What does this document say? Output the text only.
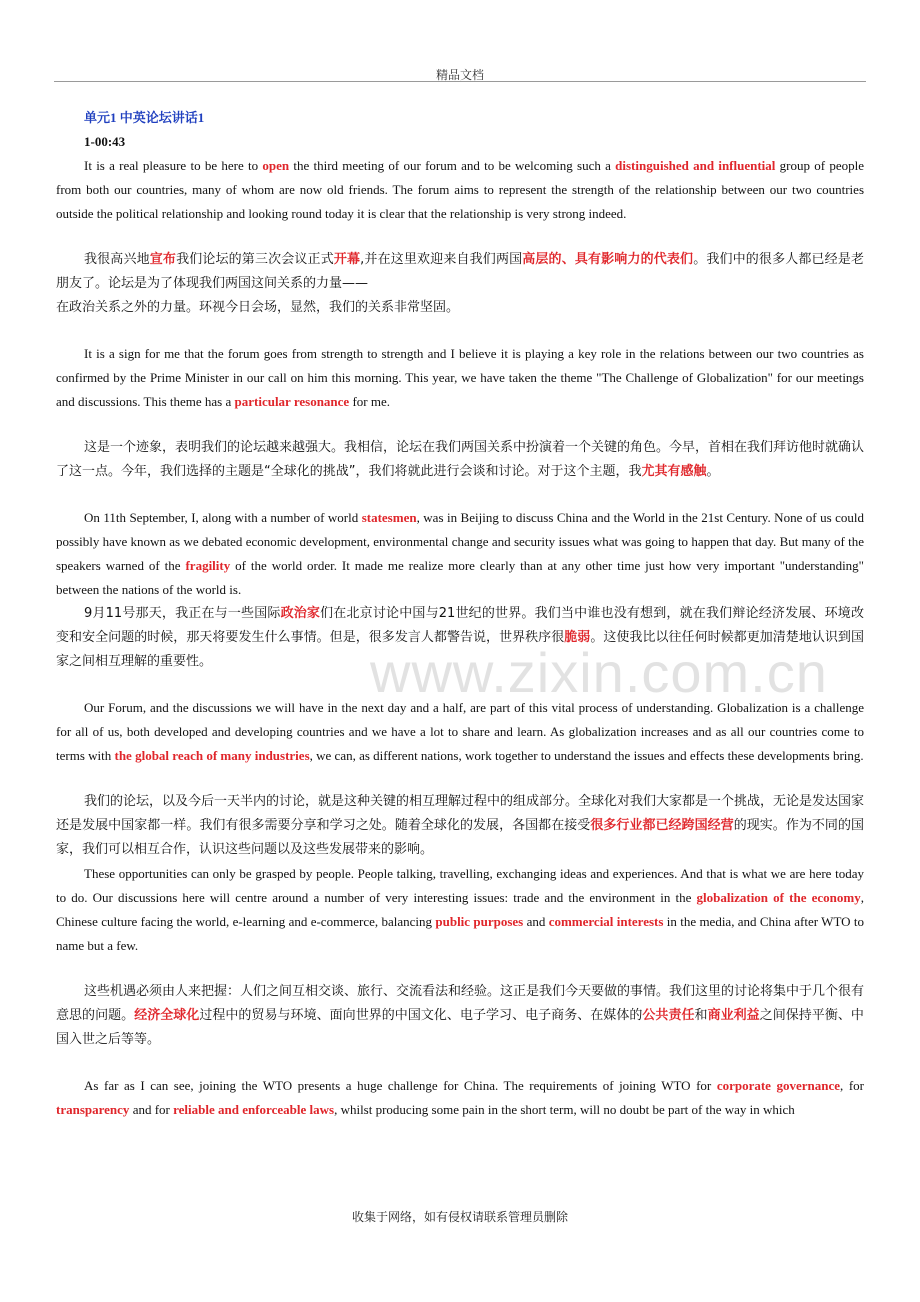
精品文档
www.zixin.com.cn
单元1 中英论坛讲话1
1-00:43

It is a real pleasure to be here to open the third meeting of our forum and to be welcoming such a distinguished and influential group of people from both our countries, many of whom are now old friends. The forum aims to represent the strength of the relationship between our two countries outside the political relationship and looking round today it is clear that the relationship is very strong indeed.

我很高兴地宣布我们论坛的第三次会议正式开幕,并在这里欢迎来自我们两国高层的、具有影响力的代表们。我们中的很多人都已经是老朋友了。论坛是为了体现我们两国这间关系的力量——
在政治关系之外的力量。环视今日会场，显然，我们的关系非常坚固。

It is a sign for me that the forum goes from strength to strength and I believe it is playing a key role in the relations between our two countries as confirmed by the Prime Minister in our call on him this morning. This year, we have taken the theme "The Challenge of Globalization" for our meetings and discussions. This theme has a particular resonance for me.

这是一个迹象，表明我们的论坛越来越强大。我相信，论坛在我们两国关系中扮演着一个关键的角色。今早，首相在我们拜访他时就确认了这一点。今年，我们选择的主题是“全球化的挑战”，我们将就此进行会谈和讨论。对于这个主题，我尤其有感触。

On 11th September, I, along with a number of world statesmen, was in Beijing to discuss China and the World in the 21st Century. None of us could possibly have known as we debated economic development, environmental change and security issues what was going to happen that day. But many of the speakers warned of the fragility of the world order. It made me realize more clearly than at any other time just how very important "understanding" between the nations of the world is.

9月11号那天，我正在与一些国际政治家们在北京讨论中国与21世纪的世界。我们当中谁也没有想到，就在我们辩论经济发展、环境改变和安全问题的时候，那天将要发生什么事情。但是，很多发言人都警告说，世界秩序很脆弱。这使我比以往任何时候都更加清楚地认识到国家之间相互理解的重要性。

Our Forum, and the discussions we will have in the next day and a half, are part of this vital process of understanding. Globalization is a challenge for all of us, both developed and developing countries and we have a lot to share and learn. As globalization increases and as all our countries come to terms with the global reach of many industries, we can, as different nations, work together to understand the issues and effects these developments bring.

我们的论坛，以及今后一天半内的讨论，就是这种关键的相互理解过程中的组成部分。全球化对我们大家都是一个挑战，无论是发达国家还是发展中国家都一样。我们有很多需要分享和学习之处。随着全球化的发展，各国都在接受很多行业都已经跨国经营的现实。作为不同的国家，我们可以相互合作，认识这些问题以及这些发展带来的影响。

These opportunities can only be grasped by people. People talking, travelling, exchanging ideas and experiences. And that is what we are here today to do. Our discussions here will centre around a number of very interesting issues: trade and the environment in the globalization of the economy, Chinese culture facing the world, e-learning and e-commerce, balancing public purposes and commercial interests in the media, and China after WTO to name but a few.

这些机遇必须由人来把握：人们之间互相交谈、旅行、交流看法和经验。这正是我们今天要做的事情。我们这里的讨论将集中于几个很有意思的问题。经济全球化过程中的贸易与环境、面向世界的中国文化、电子学习、电子商务、在媒体的公共责任和商业利益之间保持平衡、中国入世之后等等。

As far as I can see, joining the WTO presents a huge challenge for China. The requirements of joining WTO for corporate governance, for transparency and for reliable and enforceable laws, whilst producing some pain in the short term, will no doubt be part of the way in which

收集于网络，如有侵权请联系管理员删除
